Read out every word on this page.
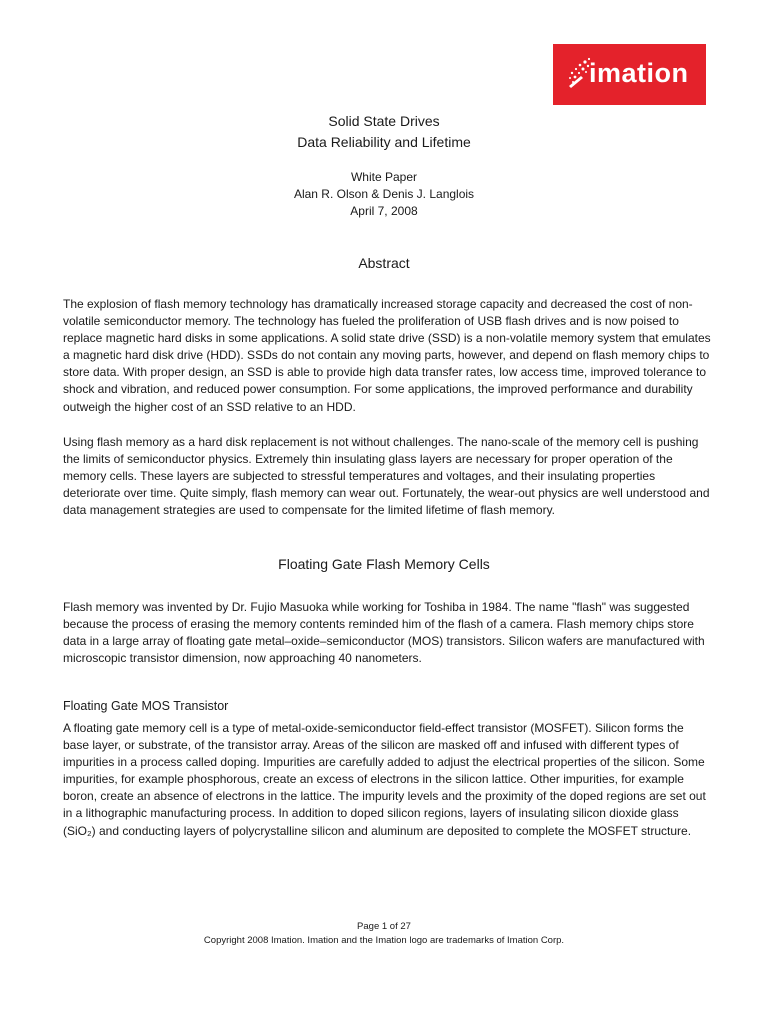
imation
Solid State Drives
Data Reliability and Lifetime
White Paper
Alan R. Olson & Denis J. Langlois
April 7, 2008
Abstract

The explosion of flash memory technology has dramatically increased storage capacity and decreased the cost of non-volatile semiconductor memory. The technology has fueled the proliferation of USB flash drives and is now poised to replace magnetic hard disks in some applications. A solid state drive (SSD) is a non-volatile memory system that emulates a magnetic hard disk drive (HDD). SSDs do not contain any moving parts, however, and depend on flash memory chips to store data. With proper design, an SSD is able to provide high data transfer rates, low access time, improved tolerance to shock and vibration, and reduced power consumption. For some applications, the improved performance and durability outweigh the higher cost of an SSD relative to an HDD.

Using flash memory as a hard disk replacement is not without challenges. The nano-scale of the memory cell is pushing the limits of semiconductor physics. Extremely thin insulating glass layers are necessary for proper operation of the memory cells. These layers are subjected to stressful temperatures and voltages, and their insulating properties deteriorate over time. Quite simply, flash memory can wear out. Fortunately, the wear-out physics are well understood and data management strategies are used to compensate for the limited lifetime of flash memory.

Floating Gate Flash Memory Cells

Flash memory was invented by Dr. Fujio Masuoka while working for Toshiba in 1984. The name "flash" was suggested because the process of erasing the memory contents reminded him of the flash of a camera. Flash memory chips store data in a large array of floating gate metal–oxide–semiconductor (MOS) transistors. Silicon wafers are manufactured with microscopic transistor dimension, now approaching 40 nanometers.

Floating Gate MOS Transistor

A floating gate memory cell is a type of metal-oxide-semiconductor field-effect transistor (MOSFET). Silicon forms the base layer, or substrate, of the transistor array. Areas of the silicon are masked off and infused with different types of impurities in a process called doping. Impurities are carefully added to adjust the electrical properties of the silicon. Some impurities, for example phosphorous, create an excess of electrons in the silicon lattice. Other impurities, for example boron, create an absence of electrons in the lattice. The impurity levels and the proximity of the doped regions are set out in a lithographic manufacturing process. In addition to doped silicon regions, layers of insulating silicon dioxide glass (SiO₂) and conducting layers of polycrystalline silicon and aluminum are deposited to complete the MOSFET structure.

Page 1 of 27
Copyright 2008 Imation. Imation and the Imation logo are trademarks of Imation Corp.
